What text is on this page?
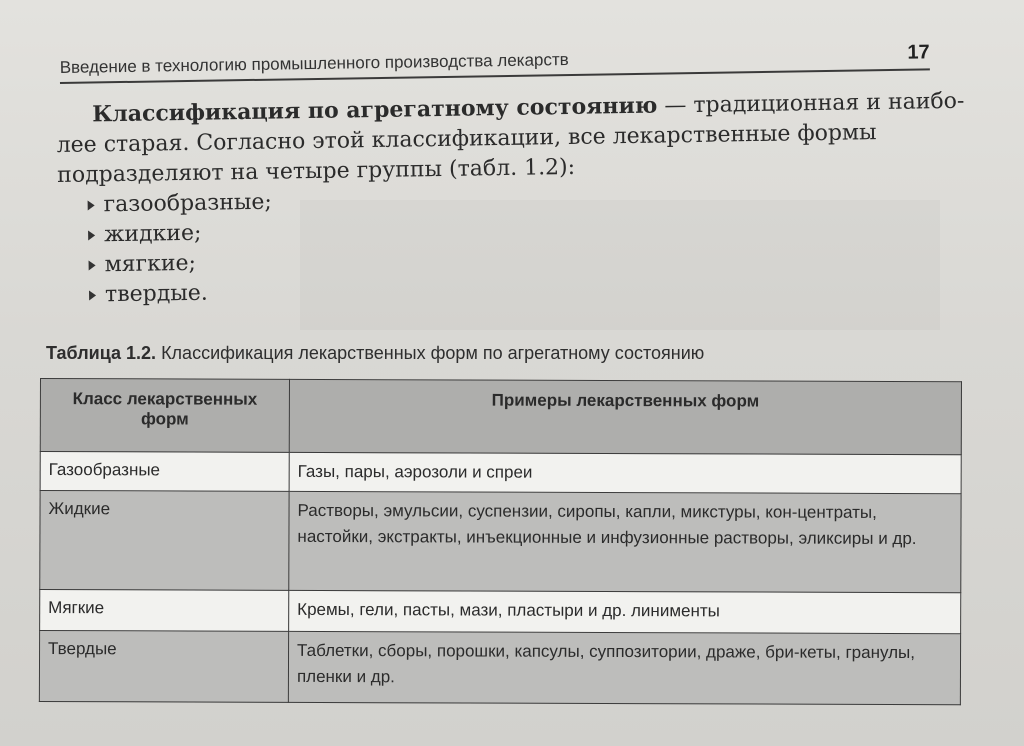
Введение в технологию промышленного производства лекарств	17
Классификация по агрегатному состоянию — традиционная и наибо-
лее старая. Согласно этой классификации, все лекарственные формы
подразделяют на четыре группы (табл. 1.2):
газообразные;
жидкие;
мягкие;
твердые.
Таблица 1.2. Классификация лекарственных форм по агрегатному состоянию
Класс лекарственных форм	Примеры лекарственных форм
Газообразные	Газы, пары, аэрозоли и спреи
Жидкие	Растворы, эмульсии, суспензии, сиропы, капли, микстуры, кон-центраты, настойки, экстракты, инъекционные и инфузионные растворы, эликсиры и др.
Мягкие	Кремы, гели, пасты, мази, пластыри и др. линименты
Твердые	Таблетки, сборы, порошки, капсулы, суппозитории, драже, бри-кеты, гранулы, пленки и др.
